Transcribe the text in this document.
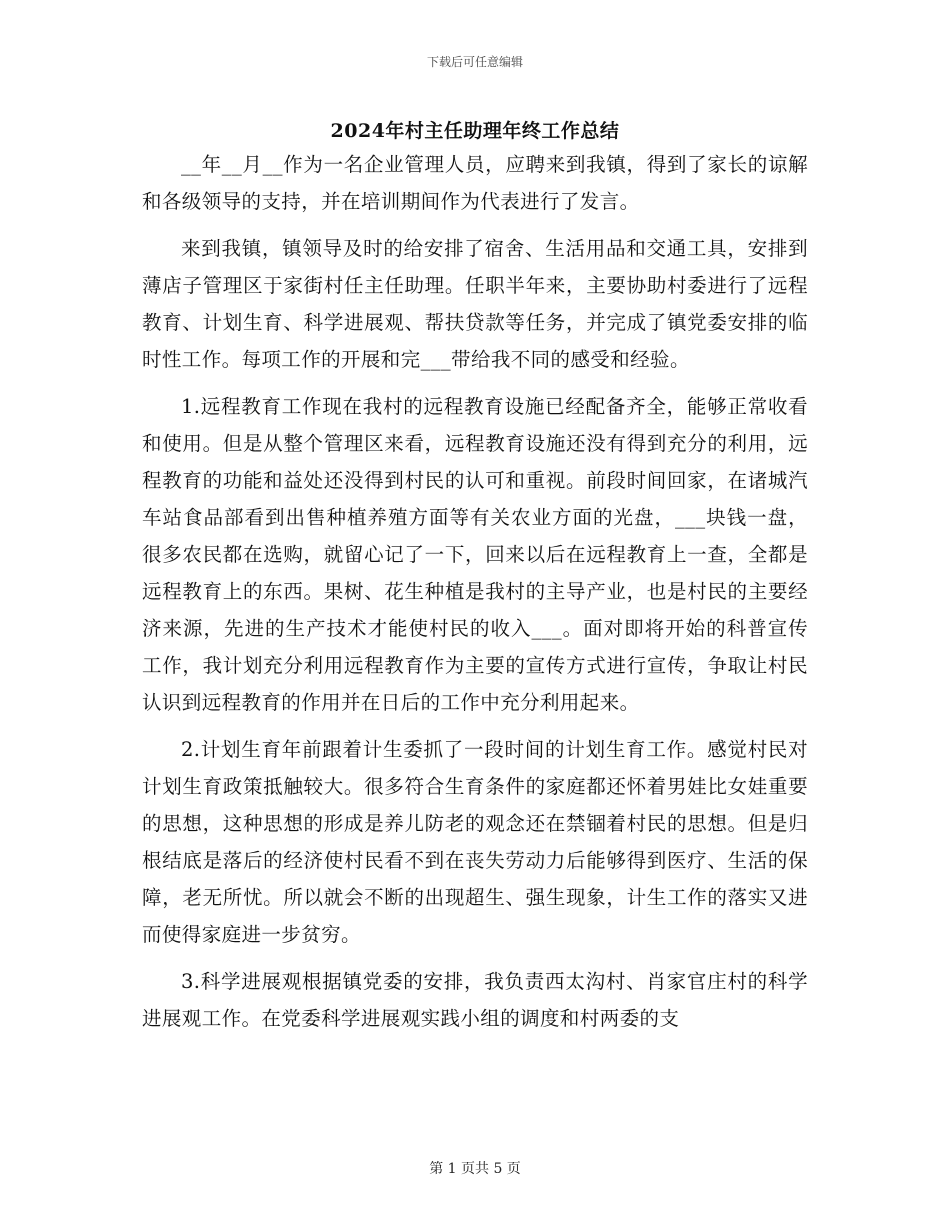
下载后可任意编辑
2024年村主任助理年终工作总结

__年__月__作为一名企业管理人员，应聘来到我镇，得到了家长的谅解和各级领导的支持，并在培训期间作为代表进行了发言。

来到我镇，镇领导及时的给安排了宿舍、生活用品和交通工具，安排到薄店子管理区于家街村任主任助理。任职半年来，主要协助村委进行了远程教育、计划生育、科学进展观、帮扶贷款等任务，并完成了镇党委安排的临时性工作。每项工作的开展和完___带给我不同的感受和经验。

1.远程教育工作现在我村的远程教育设施已经配备齐全，能够正常收看和使用。但是从整个管理区来看，远程教育设施还没有得到充分的利用，远程教育的功能和益处还没得到村民的认可和重视。前段时间回家，在诸城汽车站食品部看到出售种植养殖方面等有关农业方面的光盘，___块钱一盘，很多农民都在选购，就留心记了一下，回来以后在远程教育上一查，全都是远程教育上的东西。果树、花生种植是我村的主导产业，也是村民的主要经济来源，先进的生产技术才能使村民的收入___。面对即将开始的科普宣传工作，我计划充分利用远程教育作为主要的宣传方式进行宣传，争取让村民认识到远程教育的作用并在日后的工作中充分利用起来。

2.计划生育年前跟着计生委抓了一段时间的计划生育工作。感觉村民对计划生育政策抵触较大。很多符合生育条件的家庭都还怀着男娃比女娃重要的思想，这种思想的形成是养儿防老的观念还在禁锢着村民的思想。但是归根结底是落后的经济使村民看不到在丧失劳动力后能够得到医疗、生活的保障，老无所忧。所以就会不断的出现超生、强生现象，计生工作的落实又进而使得家庭进一步贫穷。

3.科学进展观根据镇党委的安排，我负责西太沟村、肖家官庄村的科学进展观工作。在党委科学进展观实践小组的调度和村两委的支

第 1 页共 5 页
